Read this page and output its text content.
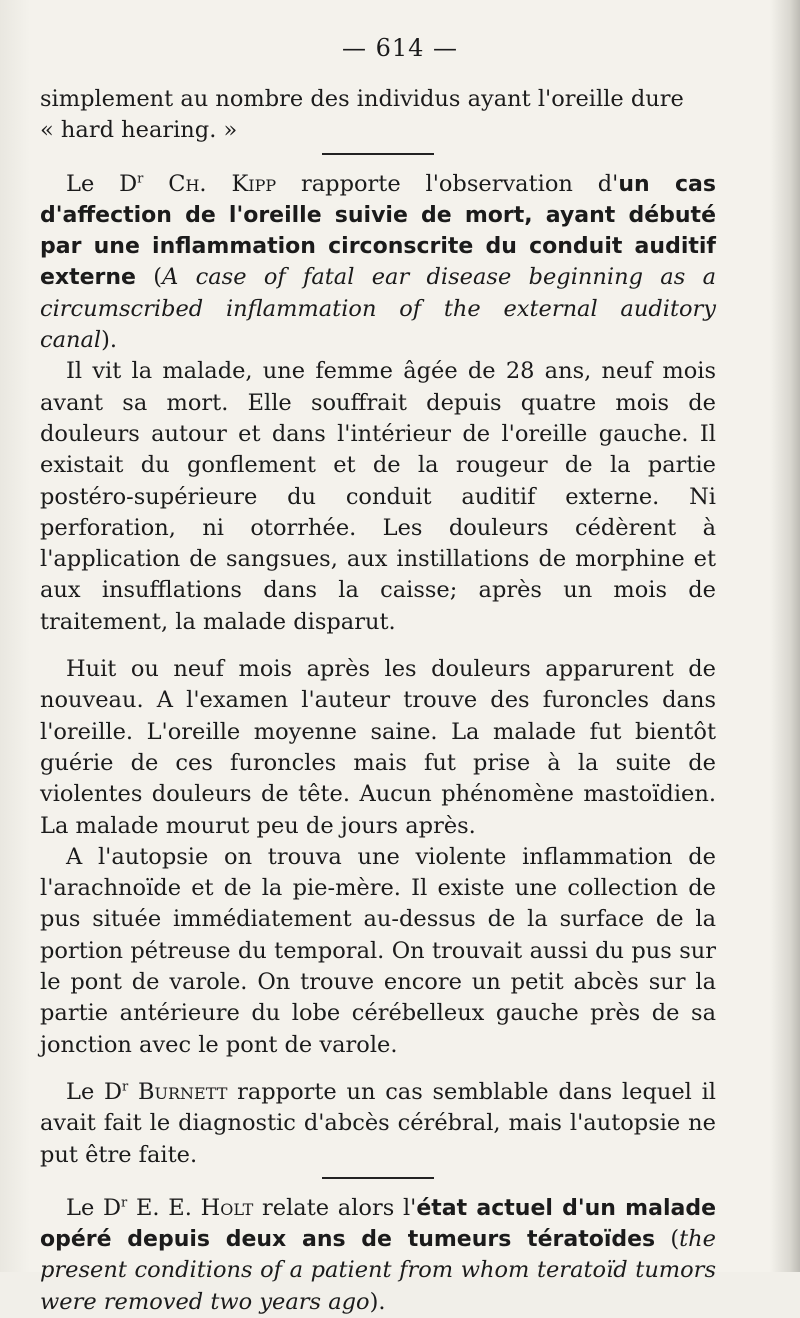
— 614 —

simplement au nombre des individus ayant l'oreille dure
« hard hearing. »

Le $D^r$ Ch. Kipp rapporte l'observation d'un cas d'affection de l'oreille suivie de mort, ayant débuté par une inflammation circonscrite du conduit auditif externe (A case of fatal ear disease beginning as a circumscribed inflammation of the external auditory canal).

Il vit la malade, une femme âgée de 28 ans, neuf mois avant sa mort. Elle souffrait depuis quatre mois de douleurs autour et dans l'intérieur de l'oreille gauche. Il existait du gonflement et de la rougeur de la partie postéro-supérieure du conduit auditif externe. Ni perforation, ni otorrhée. Les douleurs cédèrent à l'application de sangsues, aux instillations de morphine et aux insufflations dans la caisse; après un mois de traitement, la malade disparut.

Huit ou neuf mois après les douleurs apparurent de nouveau. A l'examen l'auteur trouve des furoncles dans l'oreille. L'oreille moyenne saine. La malade fut bientôt guérie de ces furoncles mais fut prise à la suite de violentes douleurs de tête. Aucun phénomène mastoïdien. La malade mourut peu de jours après.

A l'autopsie on trouva une violente inflammation de l'arachnoïde et de la pie-mère. Il existe une collection de pus située immédiatement au-dessus de la surface de la portion pétreuse du temporal. On trouvait aussi du pus sur le pont de varole. On trouve encore un petit abcès sur la partie antérieure du lobe cérébelleux gauche près de sa jonction avec le pont de varole.

Le $D^r$ Burnett rapporte un cas semblable dans lequel il avait fait le diagnostic d'abcès cérébral, mais l'autopsie ne put être faite.

Le $D^r$ E. E. Holt relate alors l'état actuel d'un malade opéré depuis deux ans de tumeurs tératoïdes (the present conditions of a patient from whom teratoïd tumors were removed two years ago).
